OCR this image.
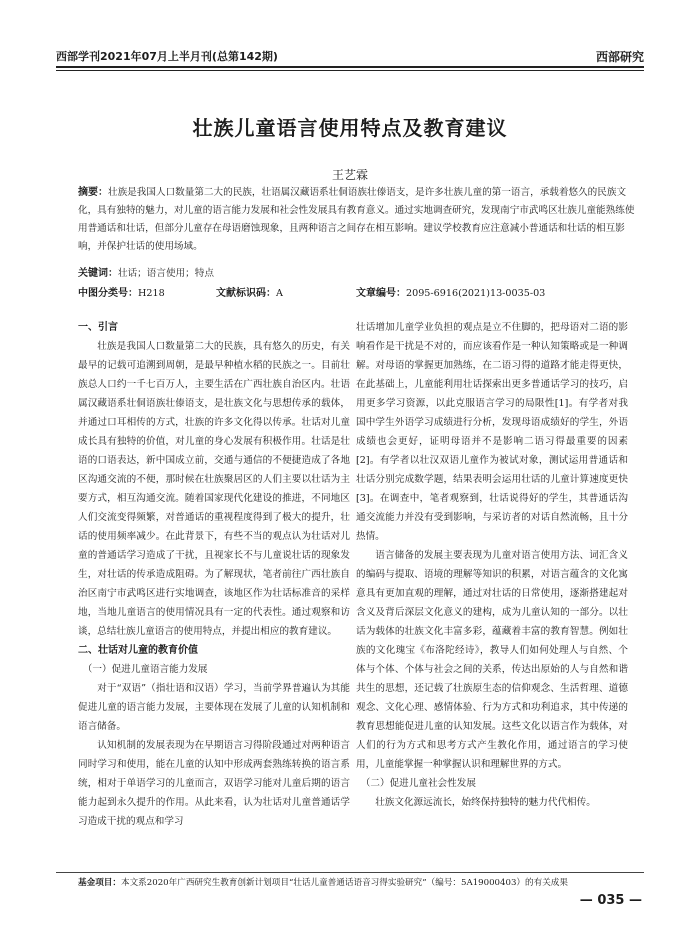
西部学刊2021年07月上半月刊(总第142期)	西部研究
壮族儿童语言使用特点及教育建议
王艺霖
摘要：壮族是我国人口数量第二大的民族，壮语属汉藏语系壮侗语族壮傣语支，是许多壮族儿童的第一语言，承载着悠久的民族文化，具有独特的魅力，对儿童的语言能力发展和社会性发展具有教育意义。通过实地调查研究，发现南宁市武鸣区壮族儿童能熟练使用普通话和壮话，但部分儿童存在母语磨蚀现象，且两种语言之间存在相互影响。建议学校教育应注意减小普通话和壮话的相互影响，并保护壮话的使用场域。
关键词：壮话；语言使用；特点
中图分类号：H218	文献标识码：A	文章编号：2095-6916(2021)13-0035-03
一、引言

壮族是我国人口数量第二大的民族，具有悠久的历史，有关最早的记载可追溯到周朝，是最早种植水稻的民族之一。目前壮族总人口约一千七百万人，主要生活在广西壮族自治区内。壮语属汉藏语系壮侗语族壮傣语支，是壮族文化与思想传承的载体，并通过口耳相传的方式，壮族的许多文化得以传承。壮话对儿童成长具有独特的价值，对儿童的身心发展有积极作用。壮话是壮语的口语表达，新中国成立前，交通与通信的不便捷造成了各地区沟通交流的不便，那时候在壮族聚居区的人们主要以壮话为主要方式，相互沟通交流。随着国家现代化建设的推进，不同地区人们交流变得频繁，对普通话的重视程度得到了极大的提升，壮话的使用频率减少。在此背景下，有些不当的观点认为壮话对儿童的普通话学习造成了干扰，且视家长不与儿童说壮话的现象发生，对壮话的传承造成阻碍。为了解现状，笔者前往广西壮族自治区南宁市武鸣区进行实地调查，该地区作为壮话标准音的采样地，当地儿童语言的使用情况具有一定的代表性。通过观察和访谈，总结壮族儿童语言的使用特点，并提出相应的教育建议。

二、壮话对儿童的教育价值
（一）促进儿童语言能力发展

对于“双语”（指壮语和汉语）学习，当前学界普遍认为其能促进儿童的语言能力发展，主要体现在发展了儿童的认知机制和语言储备。

认知机制的发展表现为在早期语言习得阶段通过对两种语言同时学习和使用，能在儿童的认知中形成两套熟练转换的语言系统，相对于单语学习的儿童而言，双语学习能对儿童后期的语言能力起到永久提升的作用。从此来看，认为壮话对儿童普通话学习造成干扰的观点和学习

壮话增加儿童学业负担的观点是立不住脚的，把母语对二语的影响看作是干扰是不对的，而应该看作是一种认知策略或是一种调解。对母语的掌握更加熟练，在二语习得的道路才能走得更快，在此基础上，儿童能利用壮话探索出更多普通话学习的技巧，启用更多学习资源，以此克服语言学习的局限性[1]。有学者对我国中学生外语学习成绩进行分析，发现母语成绩好的学生，外语成绩也会更好，证明母语并不是影响二语习得最重要的因素[2]。有学者以壮汉双语儿童作为被试对象，测试运用普通话和壮话分别完成数学题，结果表明会运用壮话的儿童计算速度更快[3]。在调查中，笔者观察到，壮话说得好的学生，其普通话沟通交流能力并没有受到影响，与采访者的对话自然流畅，且十分热情。

语言储备的发展主要表现为儿童对语言使用方法、词汇含义的编码与提取、语境的理解等知识的积累，对语言蕴含的文化寓意具有更加直观的理解，通过对壮话的日常使用，逐渐搭建起对含义及背后深层文化意义的建构，成为儿童认知的一部分。以壮话为载体的壮族文化丰富多彩，蕴藏着丰富的教育智慧。例如壮族的文化瑰宝《布洛陀经诗》，教导人们如何处理人与自然、个体与个体、个体与社会之间的关系，传达出原始的人与自然和谐共生的思想，还记载了壮族原生态的信仰观念、生活哲理、道德观念、文化心理、感情体验、行为方式和功利追求，其中传递的教育思想能促进儿童的认知发展。这些文化以语言作为载体，对人们的行为方式和思考方式产生教化作用，通过语言的学习使用，儿童能掌握一种掌握认识和理解世界的方式。

（二）促进儿童社会性发展

壮族文化源远流长，始终保持独特的魅力代代相传。

基金项目：本文系2020年广西研究生教育创新计划项目“壮话儿童普通话语音习得实验研究”（编号：5A19000403）的有关成果
— 035 —
